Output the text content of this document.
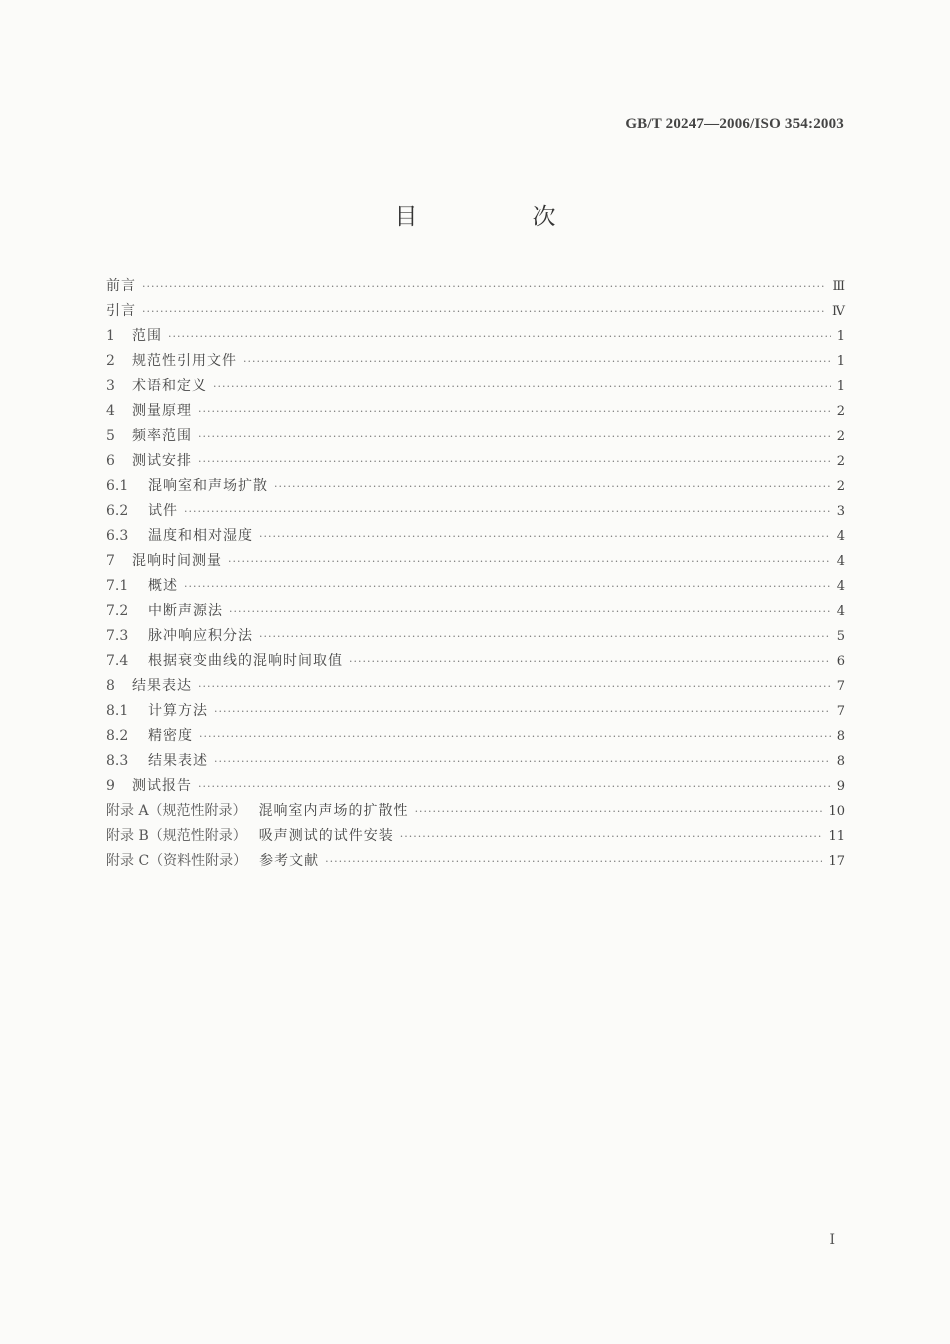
GB/T 20247—2006/ISO 354:2003
目　次
前言 ·····	Ⅲ
引言 ·····	Ⅳ
1	范围 ·····	1
2	规范性引用文件 ·····	1
3	术语和定义 ·····	1
4	测量原理 ·····	2
5	频率范围 ·····	2
6	测试安排 ·····	2
6.1	混响室和声场扩散 ·····	2
6.2	试件 ·····	3
6.3	温度和相对湿度 ·····	4
7	混响时间测量 ·····	4
7.1	概述 ·····	4
7.2	中断声源法 ·····	4
7.3	脉冲响应积分法 ·····	5
7.4	根据衰变曲线的混响时间取值 ·····	6
8	结果表达 ·····	7
8.1	计算方法 ·····	7
8.2	精密度 ·····	8
8.3	结果表述 ·····	8
9	测试报告 ·····	9
附录 A（规范性附录） 混响室内声场的扩散性 ·····	10
附录 B（规范性附录） 吸声测试的试件安装 ·····	11
附录 C（资料性附录） 参考文献 ·····	17
I
